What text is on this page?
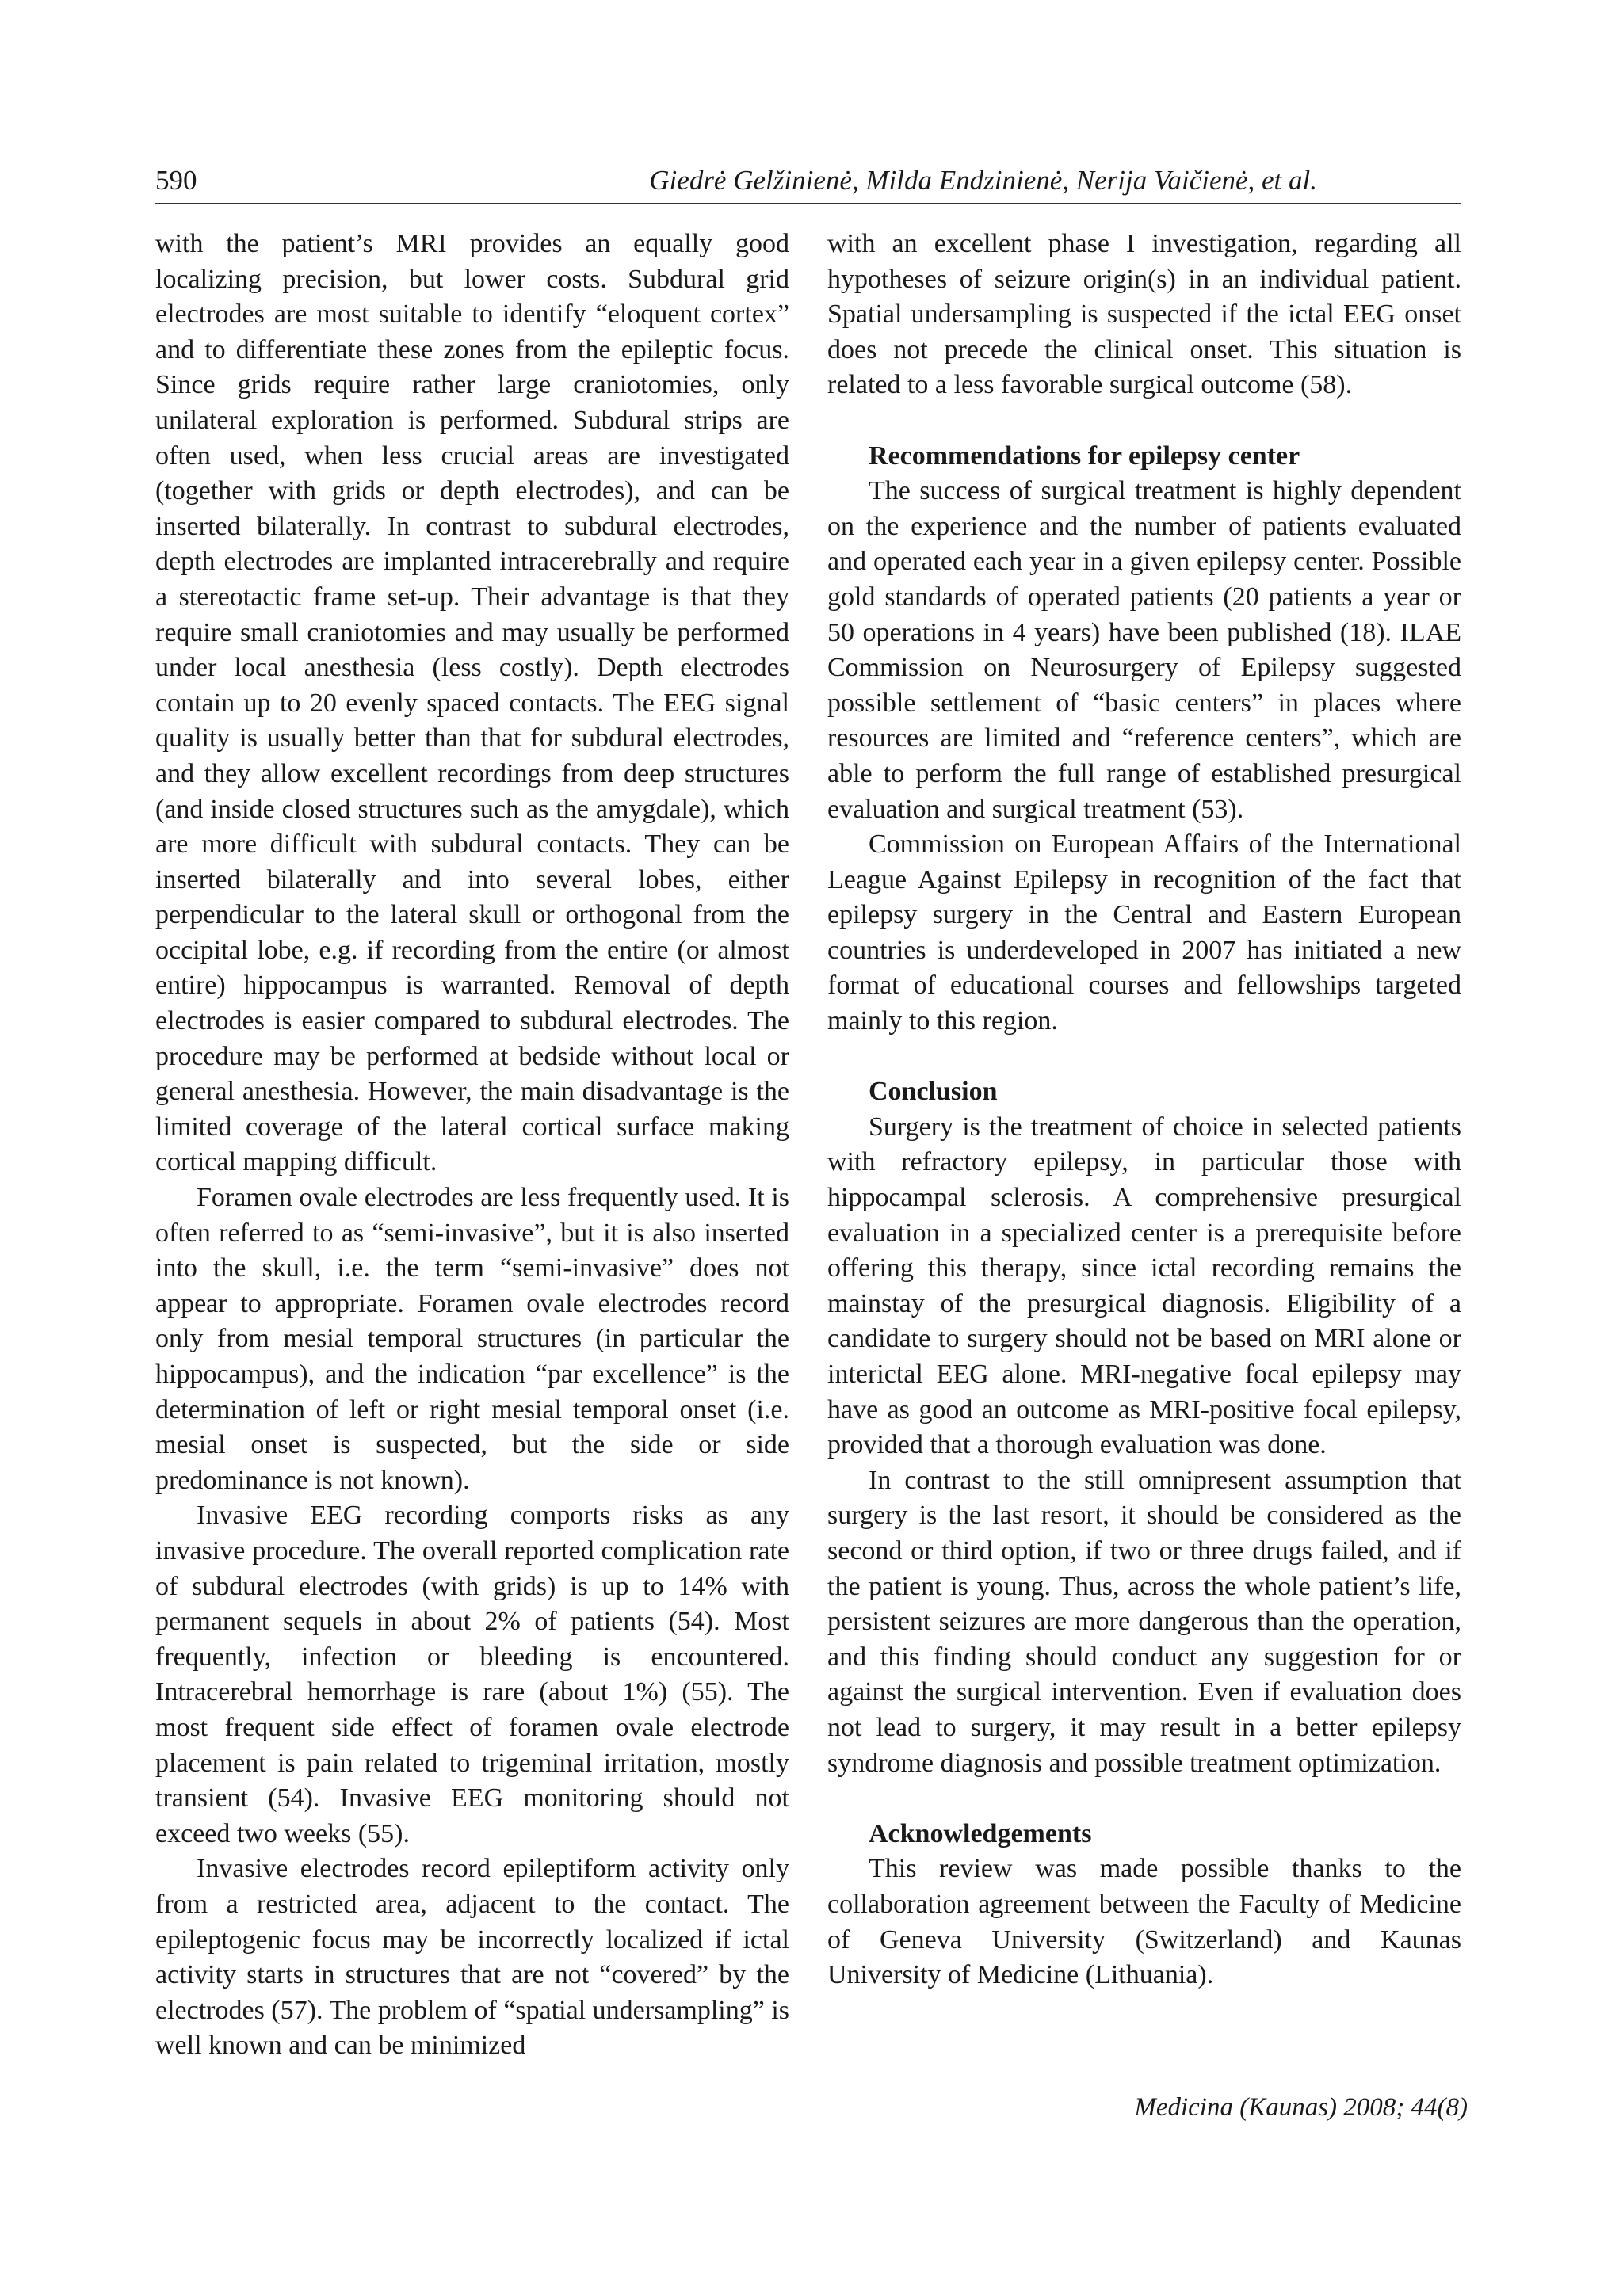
590	Giedrė Gelžinienė, Milda Endzinienė, Nerija Vaičienė, et al.

with the patient’s MRI provides an equally good localizing precision, but lower costs. Subdural grid electrodes are most suitable to identify “eloquent cortex” and to differentiate these zones from the epileptic focus. Since grids require rather large craniotomies, only unilateral exploration is performed. Subdural strips are often used, when less crucial areas are investigated (together with grids or depth electrodes), and can be inserted bilaterally. In contrast to subdural electrodes, depth electrodes are implanted intracerebrally and require a stereotactic frame set-up. Their advantage is that they require small craniotomies and may usually be performed under local anesthesia (less costly). Depth electrodes contain up to 20 evenly spaced contacts. The EEG signal quality is usually better than that for subdural electrodes, and they allow excellent recordings from deep structures (and inside closed structures such as the amygdale), which are more difficult with subdural contacts. They can be inserted bilaterally and into several lobes, either perpendicular to the lateral skull or orthogonal from the occipital lobe, e.g. if recording from the entire (or almost entire) hippocampus is warranted. Removal of depth electrodes is easier compared to subdural electrodes. The procedure may be performed at bedside without local or general anesthesia. However, the main disadvantage is the limited coverage of the lateral cortical surface making cortical mapping difficult.

Foramen ovale electrodes are less frequently used. It is often referred to as “semi-invasive”, but it is also inserted into the skull, i.e. the term “semi-invasive” does not appear to appropriate. Foramen ovale electrodes record only from mesial temporal structures (in particular the hippocampus), and the indication “par excellence” is the determination of left or right mesial temporal onset (i.e. mesial onset is suspected, but the side or side predominance is not known).

Invasive EEG recording comports risks as any invasive procedure. The overall reported complication rate of subdural electrodes (with grids) is up to 14% with permanent sequels in about 2% of patients (54). Most frequently, infection or bleeding is encountered. Intracerebral hemorrhage is rare (about 1%) (55). The most frequent side effect of foramen ovale electrode placement is pain related to trigeminal irritation, mostly transient (54). Invasive EEG monitoring should not exceed two weeks (55).

Invasive electrodes record epileptiform activity only from a restricted area, adjacent to the contact. The epileptogenic focus may be incorrectly localized if ictal activity starts in structures that are not “covered” by the electrodes (57). The problem of “spatial undersampling” is well known and can be minimized

with an excellent phase I investigation, regarding all hypotheses of seizure origin(s) in an individual patient. Spatial undersampling is suspected if the ictal EEG onset does not precede the clinical onset. This situation is related to a less favorable surgical outcome (58).

Recommendations for epilepsy center

The success of surgical treatment is highly dependent on the experience and the number of patients evaluated and operated each year in a given epilepsy center. Possible gold standards of operated patients (20 patients a year or 50 operations in 4 years) have been published (18). ILAE Commission on Neurosurgery of Epilepsy suggested possible settlement of “basic centers” in places where resources are limited and “reference centers”, which are able to perform the full range of established presurgical evaluation and surgical treatment (53).

Commission on European Affairs of the International League Against Epilepsy in recognition of the fact that epilepsy surgery in the Central and Eastern European countries is underdeveloped in 2007 has initiated a new format of educational courses and fellowships targeted mainly to this region.

Conclusion

Surgery is the treatment of choice in selected patients with refractory epilepsy, in particular those with hippocampal sclerosis. A comprehensive presurgical evaluation in a specialized center is a prerequisite before offering this therapy, since ictal recording remains the mainstay of the presurgical diagnosis. Eligibility of a candidate to surgery should not be based on MRI alone or interictal EEG alone. MRI-negative focal epilepsy may have as good an outcome as MRI-positive focal epilepsy, provided that a thorough evaluation was done.

In contrast to the still omnipresent assumption that surgery is the last resort, it should be considered as the second or third option, if two or three drugs failed, and if the patient is young. Thus, across the whole patient’s life, persistent seizures are more dangerous than the operation, and this finding should conduct any suggestion for or against the surgical intervention. Even if evaluation does not lead to surgery, it may result in a better epilepsy syndrome diagnosis and possible treatment optimization.

Acknowledgements

This review was made possible thanks to the collaboration agreement between the Faculty of Medicine of Geneva University (Switzerland) and Kaunas University of Medicine (Lithuania).

Medicina (Kaunas) 2008; 44(8)
